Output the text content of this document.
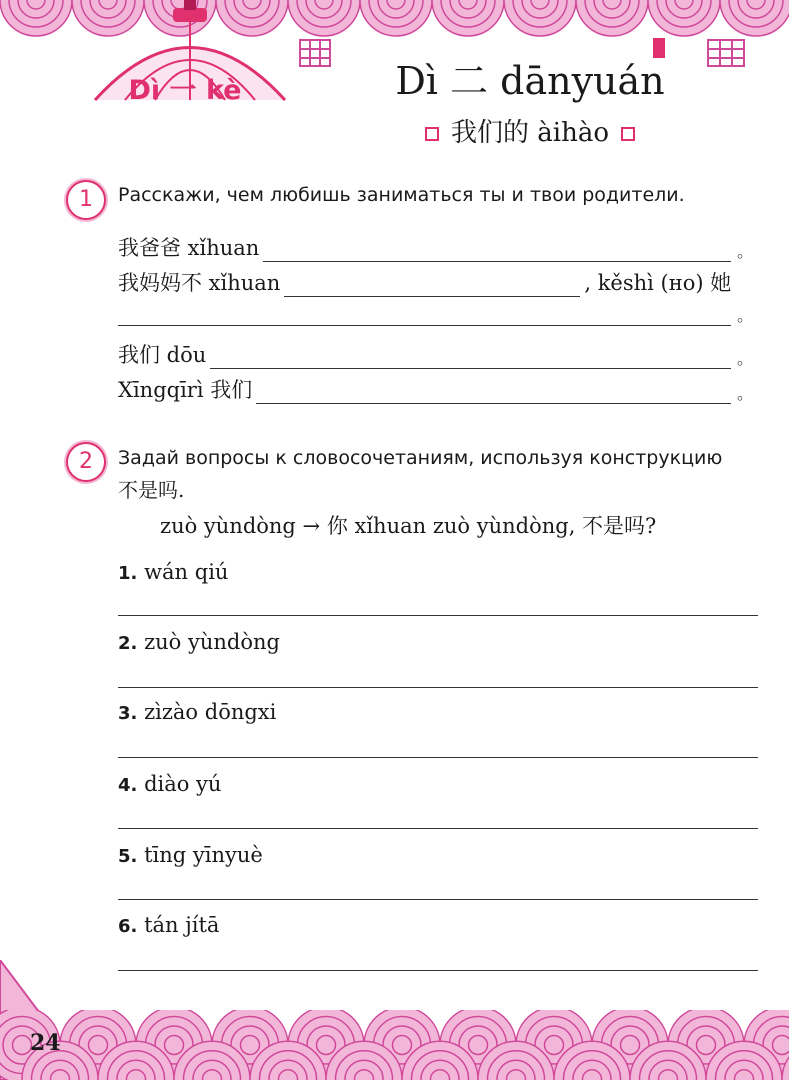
Dì 一 kè	Dì 二 dānyuán
我们的 àihào
1	Расскажи, чем любишь заниматься ты и твои родители.
我爸爸 xǐhuan	。
我妈妈不 xǐhuan	, kěshì (но) 她
。
我们 dōu	。
Xīngqīrì 我们	。
2	Задай вопросы к словосочетаниям, используя конструкцию
不是吗.
zuò yùndòng → 你 xǐhuan zuò yùndòng, 不是吗?
1. wán qiú
2. zuò yùndòng
3. zìzào dōngxi
4. diào yú
5. tīng yīnyuè
6. tán jítā
24
